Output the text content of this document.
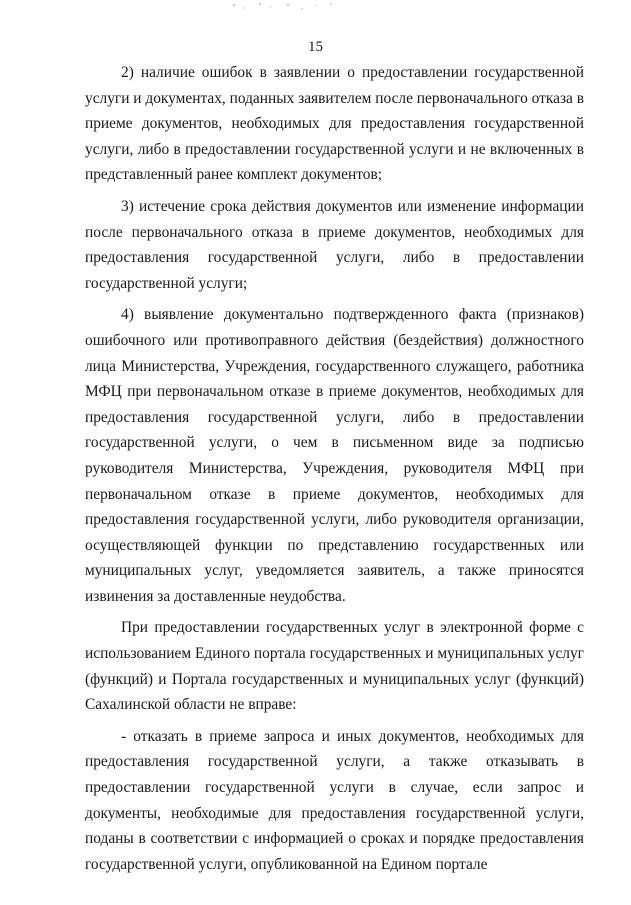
15

2) наличие ошибок в заявлении о предоставлении государственной услуги и документах, поданных заявителем после первоначального отказа в приеме документов, необходимых для предоставления государственной услуги, либо в предоставлении государственной услуги и не включенных в представленный ранее комплект документов;

3) истечение срока действия документов или изменение информации после первоначального отказа в приеме документов, необходимых для предоставления государственной услуги, либо в предоставлении государственной услуги;

4) выявление документально подтвержденного факта (признаков) ошибочного или противоправного действия (бездействия) должностного лица Министерства, Учреждения, государственного служащего, работника МФЦ при первоначальном отказе в приеме документов, необходимых для предоставления государственной услуги, либо в предоставлении государственной услуги, о чем в письменном виде за подписью руководителя Министерства, Учреждения, руководителя МФЦ при первоначальном отказе в приеме документов, необходимых для предоставления государственной услуги, либо руководителя организации, осуществляющей функции по представлению государственных или муниципальных услуг, уведомляется заявитель, а также приносятся извинения за доставленные неудобства.

При предоставлении государственных услуг в электронной форме с использованием Единого портала государственных и муниципальных услуг (функций) и Портала государственных и муниципальных услуг (функций) Сахалинской области не вправе:

- отказать в приеме запроса и иных документов, необходимых для предоставления государственной услуги, а также отказывать в предоставлении государственной услуги в случае, если запрос и документы, необходимые для предоставления государственной услуги, поданы в соответствии с информацией о сроках и порядке предоставления государственной услуги, опубликованной на Едином портале
